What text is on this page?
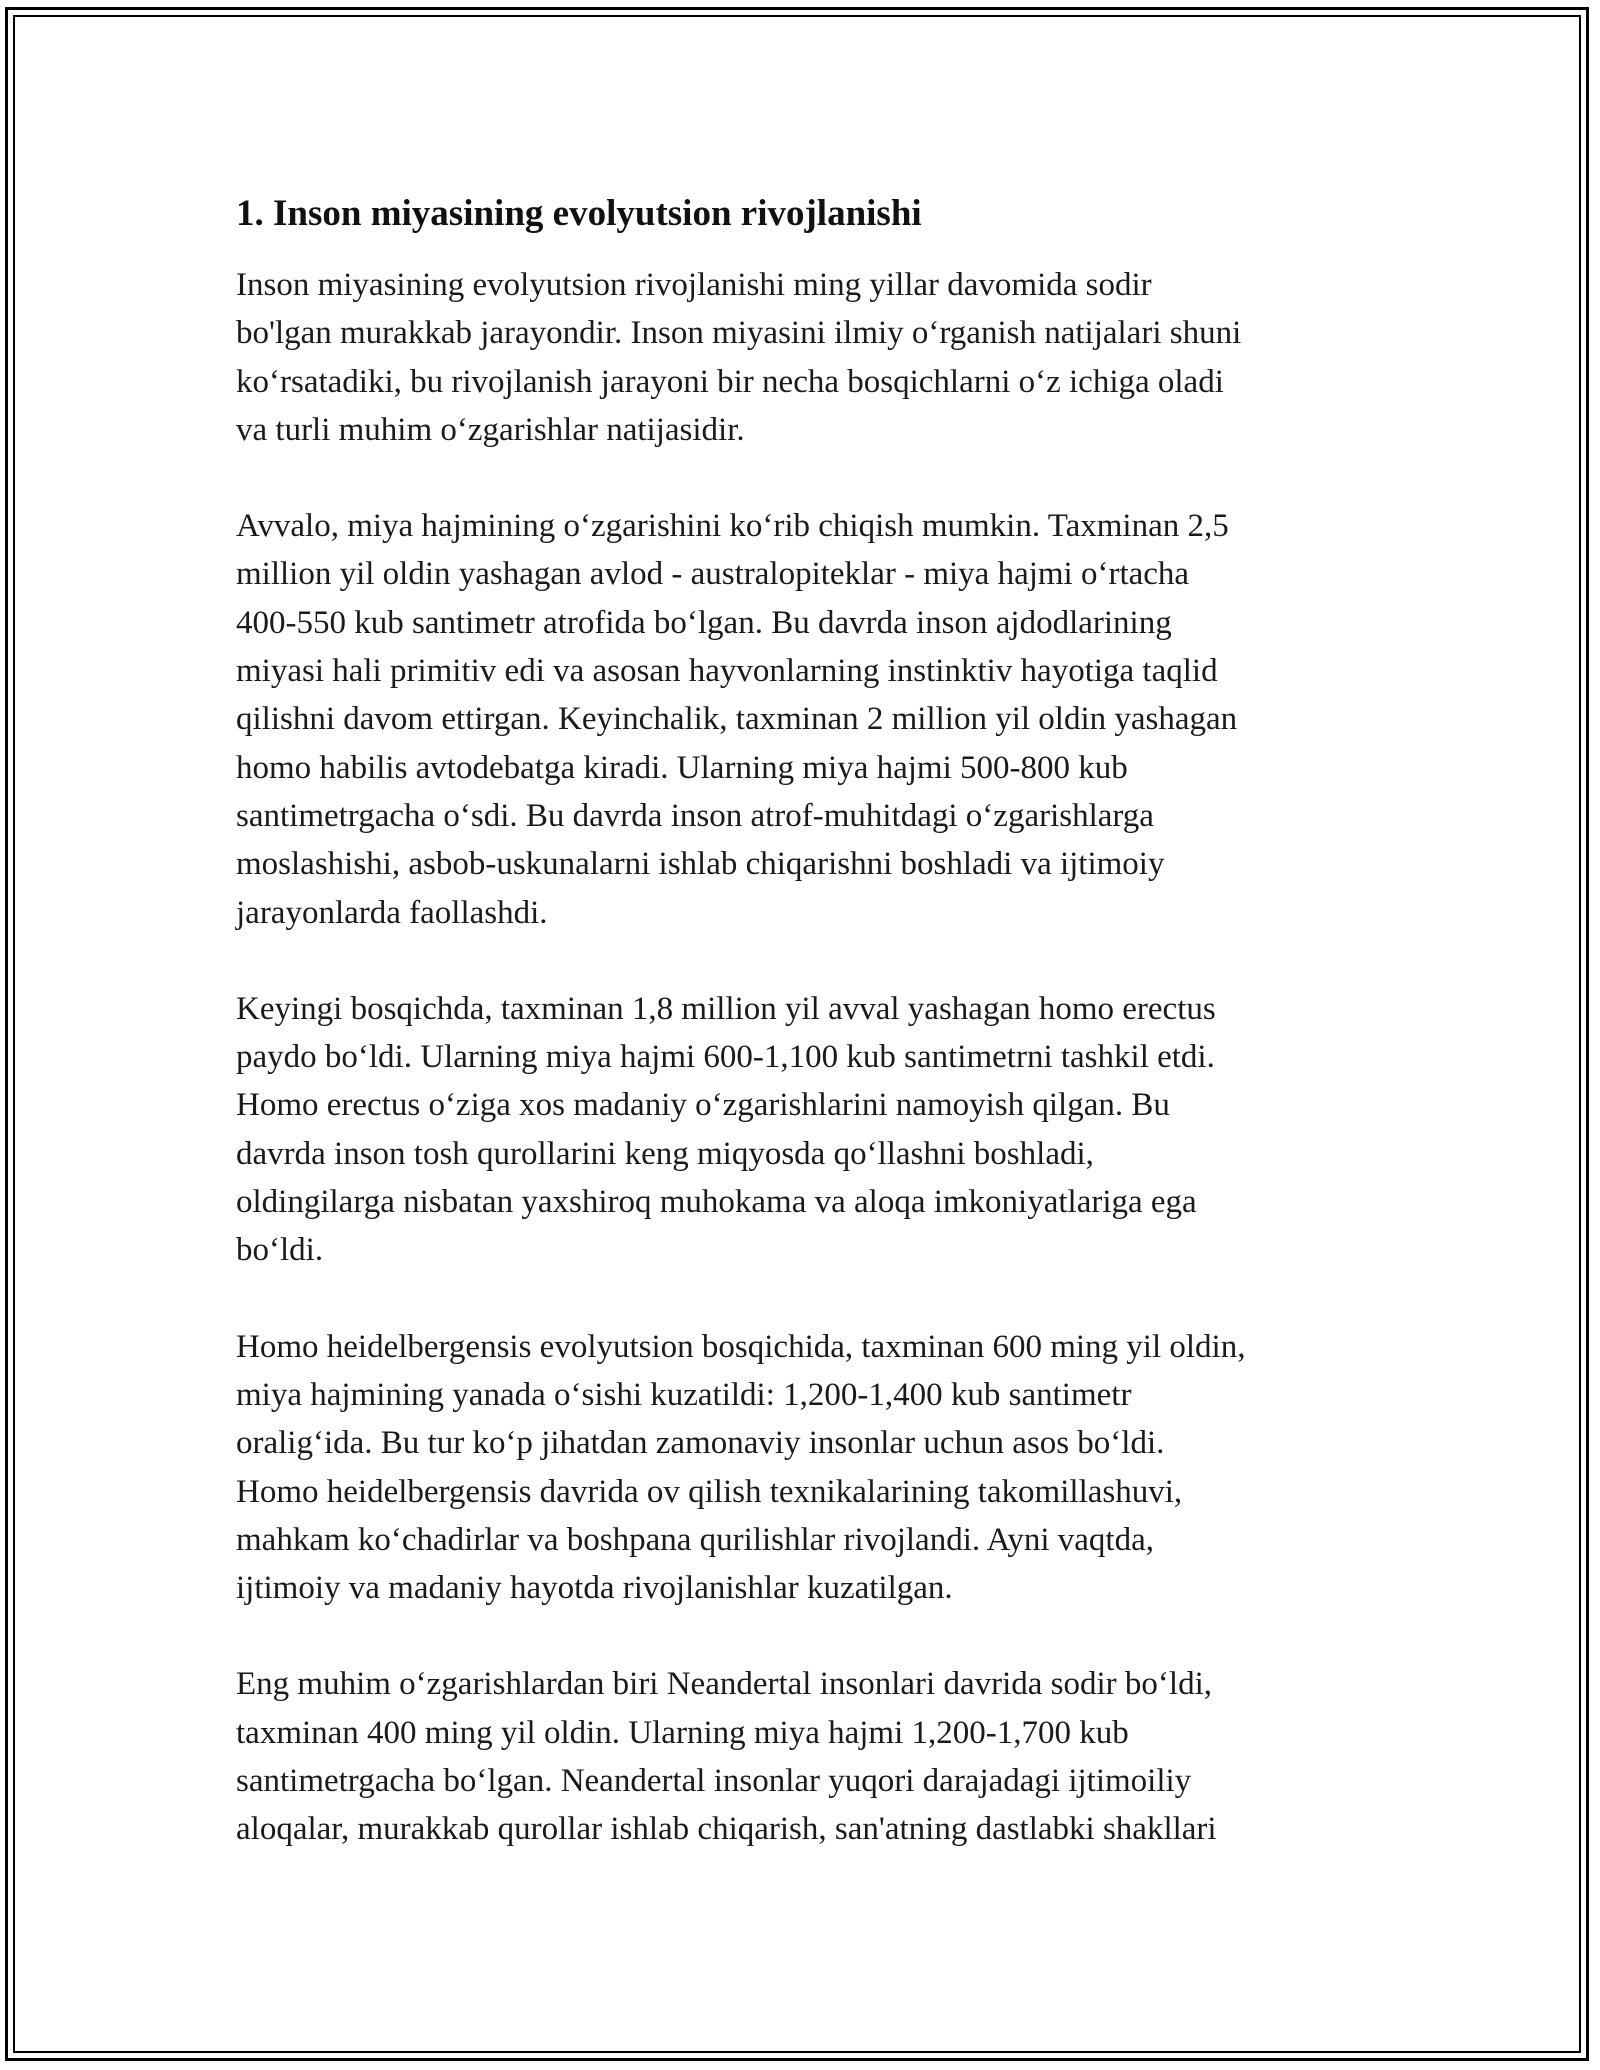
1. Inson miyasining evolyutsion rivojlanishi

Inson miyasining evolyutsion rivojlanishi ming yillar davomida sodir
bo'lgan murakkab jarayondir. Inson miyasini ilmiy o‘rganish natijalari shuni
ko‘rsatadiki, bu rivojlanish jarayoni bir necha bosqichlarni o‘z ichiga oladi
va turli muhim o‘zgarishlar natijasidir.

Avvalo, miya hajmining o‘zgarishini ko‘rib chiqish mumkin. Taxminan 2,5
million yil oldin yashagan avlod - australopiteklar - miya hajmi o‘rtacha
400-550 kub santimetr atrofida bo‘lgan. Bu davrda inson ajdodlarining
miyasi hali primitiv edi va asosan hayvonlarning instinktiv hayotiga taqlid
qilishni davom ettirgan. Keyinchalik, taxminan 2 million yil oldin yashagan
homo habilis avtodebatga kiradi. Ularning miya hajmi 500-800 kub
santimetrgacha o‘sdi. Bu davrda inson atrof-muhitdagi o‘zgarishlarga
moslashishi, asbob-uskunalarni ishlab chiqarishni boshladi va ijtimoiy
jarayonlarda faollashdi.

Keyingi bosqichda, taxminan 1,8 million yil avval yashagan homo erectus
paydo bo‘ldi. Ularning miya hajmi 600-1,100 kub santimetrni tashkil etdi.
Homo erectus o‘ziga xos madaniy o‘zgarishlarini namoyish qilgan. Bu
davrda inson tosh qurollarini keng miqyosda qo‘llashni boshladi,
oldingilarga nisbatan yaxshiroq muhokama va aloqa imkoniyatlariga ega
bo‘ldi.

Homo heidelbergensis evolyutsion bosqichida, taxminan 600 ming yil oldin,
miya hajmining yanada o‘sishi kuzatildi: 1,200-1,400 kub santimetr
oralig‘ida. Bu tur ko‘p jihatdan zamonaviy insonlar uchun asos bo‘ldi.
Homo heidelbergensis davrida ov qilish texnikalarining takomillashuvi,
mahkam ko‘chadirlar va boshpana qurilishlar rivojlandi. Ayni vaqtda,
ijtimoiy va madaniy hayotda rivojlanishlar kuzatilgan.

Eng muhim o‘zgarishlardan biri Neandertal insonlari davrida sodir bo‘ldi,
taxminan 400 ming yil oldin. Ularning miya hajmi 1,200-1,700 kub
santimetrgacha bo‘lgan. Neandertal insonlar yuqori darajadagi ijtimoiliy
aloqalar, murakkab qurollar ishlab chiqarish, san'atning dastlabki shakllari
